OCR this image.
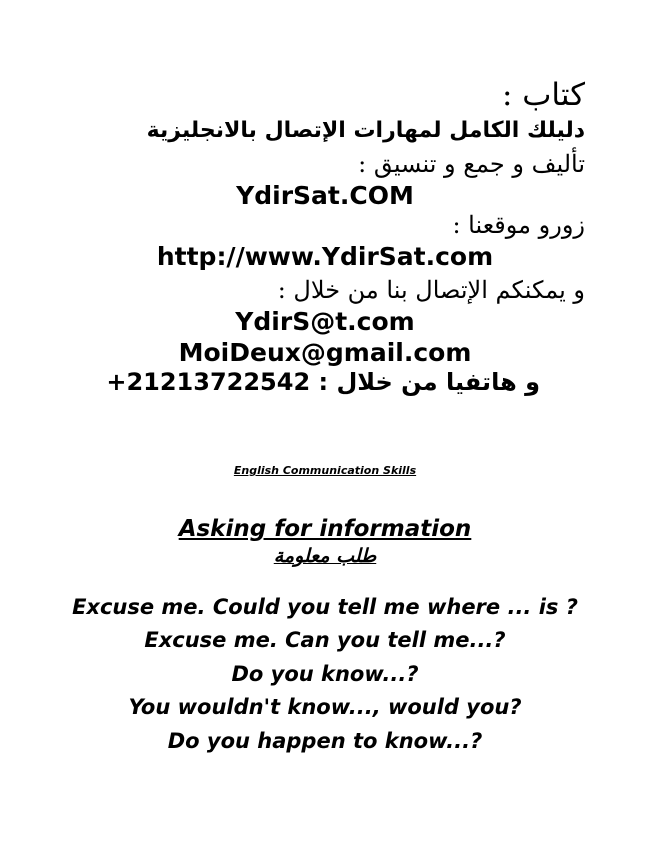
كتاب :
دليلك الكامل لمهارات الإتصال بالانجليزية
تأليف و جمع و تنسيق :
YdirSat.COM
زورو موقعنا :
http://www.YdirSat.com
و يمكنكم الإتصال بنا من خلال :
YdirS@t.com
MoiDeux@gmail.com
و هاتفيا من خلال : 21213722542+
English Communication Skills
Asking for information
طلب معلومة
Excuse me. Could you tell me where ... is ?
Excuse me. Can you tell me...?
Do you know...?
You wouldn't know..., would you?
Do you happen to know...?
